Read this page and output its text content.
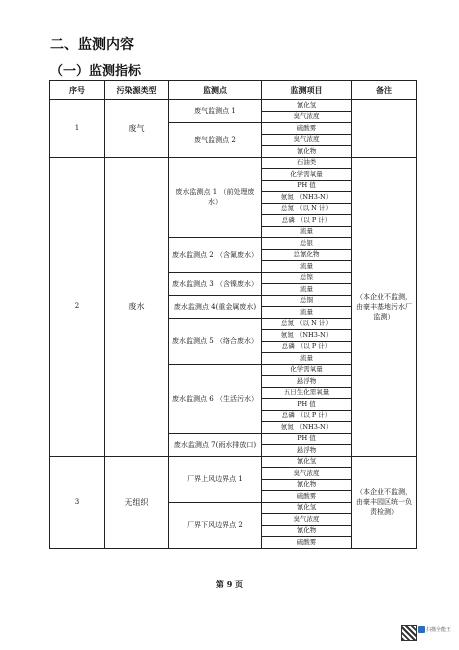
二、监测内容
（一）监测指标
序号	污染源类型	监测点	监测项目	备注
1	废气	废气监测点 1	氰化氢	
			臭气浓度	
		废气监测点 2	硫酸雾	
			臭气浓度	
			氰化物	
2	废水	废水监测点 1 （前处理废水）	石油类	（本企业不监测，由豪丰基地污水厂监测）
			化学需氧量	
			PH 值	
			氨氮 （NH3-N）	
			总氮 （以 N 计）	
			总磷 （以 P 计）	
			流量	
		废水监测点 2 （含氰废水）	总银	
			总氰化物	
			流量	
		废水监测点 3 （含镍废水）	总镍	
			流量	
		废水监测点 4(重金属废水)	总铜	
			流量	
		废水监测点 5 （络合废水）	总氮 （以 N 计）	
			氨氮 （NH3-N）	
			总磷 （以 P 计）	
			流量	
		废水监测点 6 （生活污水）	化学需氧量	
			悬浮物	
			五日生化需氧量	
			PH 值	
			总磷 （以 P 计）	
			氨氮 （NH3-N）	
		废水监测点 7(雨水排放口)	PH 值	
			悬浮物	
3	无组织	厂界上风边界点 1	氰化氢	（本企业不监测，由豪丰园区统一负责检测）
			臭气浓度	
			氰化物	
			硫酸雾	
		厂界下风边界点 2	氰化氢	
			臭气浓度	
			氰化物	
			硫酸雾	
第 9 页
扫描全能王
